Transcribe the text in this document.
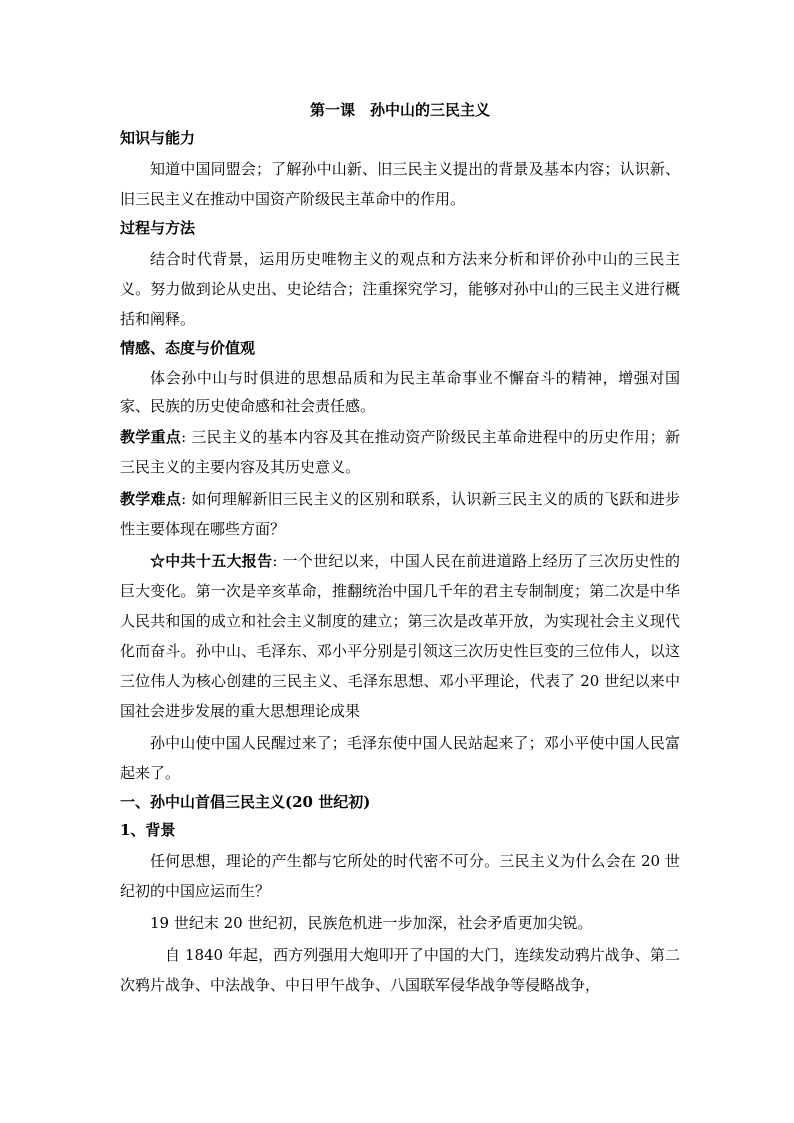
第一课　孙中山的三民主义
知识与能力

知道中国同盟会；了解孙中山新、旧三民主义提出的背景及基本内容；认识新、旧三民主义在推动中国资产阶级民主革命中的作用。

过程与方法

结合时代背景，运用历史唯物主义的观点和方法来分析和评价孙中山的三民主义。努力做到论从史出、史论结合；注重探究学习，能够对孙中山的三民主义进行概括和阐释。

情感、态度与价值观

体会孙中山与时俱进的思想品质和为民主革命事业不懈奋斗的精神，增强对国家、民族的历史使命感和社会责任感。

教学重点: 三民主义的基本内容及其在推动资产阶级民主革命进程中的历史作用；新三民主义的主要内容及其历史意义。

教学难点: 如何理解新旧三民主义的区别和联系，认识新三民主义的质的飞跃和进步性主要体现在哪些方面？

☆中共十五大报告: 一个世纪以来，中国人民在前进道路上经历了三次历史性的巨大变化。第一次是辛亥革命，推翻统治中国几千年的君主专制制度；第二次是中华人民共和国的成立和社会主义制度的建立；第三次是改革开放，为实现社会主义现代化而奋斗。孙中山、毛泽东、邓小平分别是引领这三次历史性巨变的三位伟人，以这三位伟人为核心创建的三民主义、毛泽东思想、邓小平理论，代表了 20 世纪以来中国社会进步发展的重大思想理论成果

孙中山使中国人民醒过来了；毛泽东使中国人民站起来了；邓小平使中国人民富起来了。

一、孙中山首倡三民主义(20 世纪初)
1、背景

任何思想，理论的产生都与它所处的时代密不可分。三民主义为什么会在 20 世纪初的中国应运而生？

19 世纪末 20 世纪初，民族危机进一步加深，社会矛盾更加尖锐。

自 1840 年起，西方列强用大炮叩开了中国的大门，连续发动鸦片战争、第二次鸦片战争、中法战争、中日甲午战争、八国联军侵华战争等侵略战争，
